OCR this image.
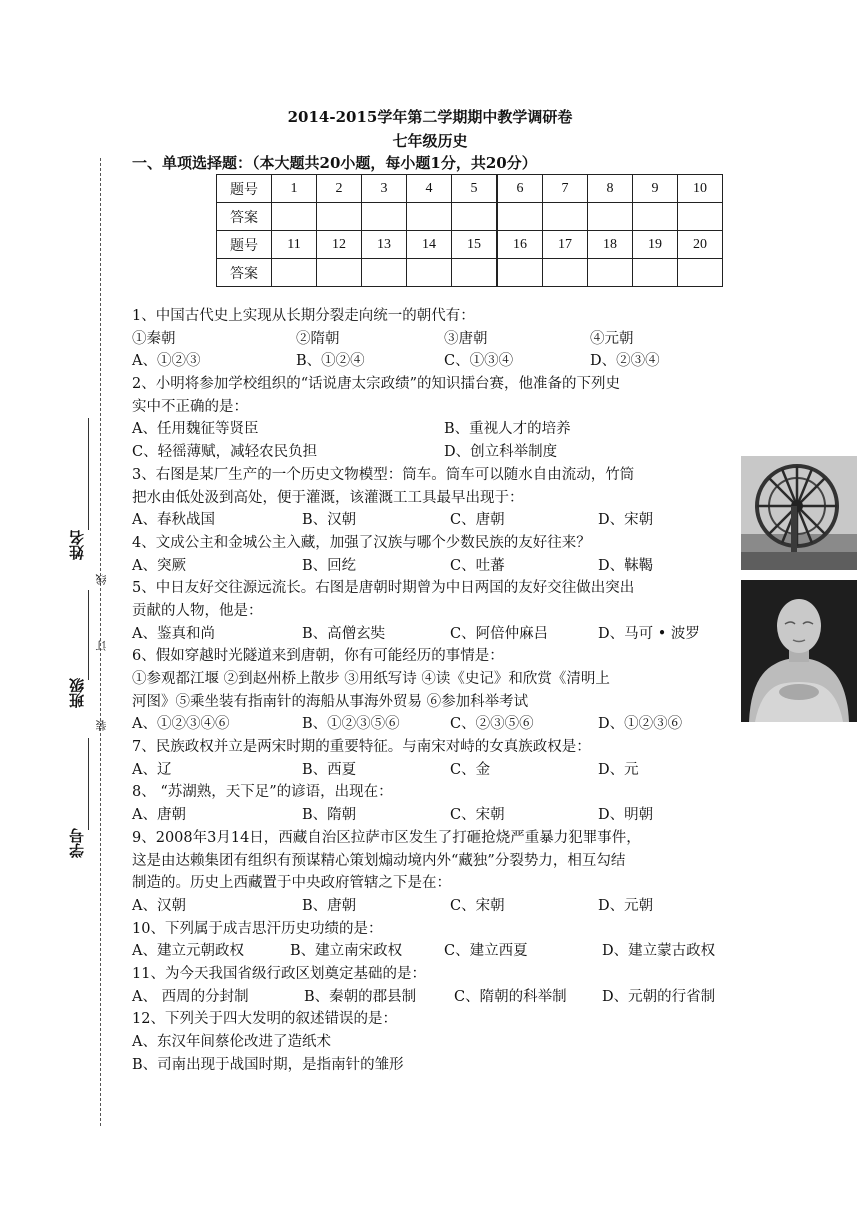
2014-2015学年第二学期期中教学调研卷
七年级历史
一、单项选择题：（本大题共20小题，每小题1分，共20分）
题号	1	2	3	4	5	6	7	8	9	10
答案										
题号	11	12	13	14	15	16	17	18	19	20
答案										
1、中国古代史上实现从长期分裂走向统一的朝代有：
①秦朝	②隋朝	③唐朝	④元朝
A、①②③	B、①②④	C、①③④	D、②③④
2、小明将参加学校组织的“话说唐太宗政绩”的知识擂台赛，他准备的下列史
实中不正确的是：
A、任用魏征等贤臣	B、重视人才的培养
C、轻徭薄赋，减轻农民负担	D、创立科举制度
3、右图是某厂生产的一个历史文物模型：筒车。筒车可以随水自由流动，竹筒
把水由低处汲到高处，便于灌溉，该灌溉工工具最早出现于：
A、春秋战国	B、汉朝	C、唐朝	D、宋朝
4、文成公主和金城公主入藏，加强了汉族与哪个少数民族的友好往来？
A、突厥	B、回纥	C、吐蕃	D、靺鞨
5、中日友好交往源远流长。右图是唐朝时期曾为中日两国的友好交往做出突出
贡献的人物，他是：
A、鉴真和尚	B、高僧玄奘	C、阿倍仲麻吕	D、马可 • 波罗
6、假如穿越时光隧道来到唐朝，你有可能经历的事情是：
①参观都江堰 ②到赵州桥上散步 ③用纸写诗 ④读《史记》和欣赏《清明上
河图》⑤乘坐装有指南针的海船从事海外贸易 ⑥参加科举考试
A、①②③④⑥	B、①②③⑤⑥	C、②③⑤⑥	D、①②③⑥
7、民族政权并立是两宋时期的重要特征。与南宋对峙的女真族政权是：
A、辽	B、西夏	C、金	D、元
8、 “苏湖熟，天下足”的谚语，出现在：
A、唐朝	B、隋朝	C、宋朝	D、明朝
9、2008年3月14日，西藏自治区拉萨市区发生了打砸抢烧严重暴力犯罪事件，
这是由达赖集团有组织有预谋精心策划煽动境内外“藏独”分裂势力，相互勾结
制造的。历史上西藏置于中央政府管辖之下是在：
A、汉朝	B、唐朝	C、宋朝	D、元朝
10、下列属于成吉思汗历史功绩的是：
A、建立元朝政权	B、建立南宋政权	C、建立西夏	D、建立蒙古政权
11、为今天我国省级行政区划奠定基础的是：
A、 西周的分封制	B、秦朝的郡县制	C、隋朝的科举制 D、元朝的行省制
12、下列关于四大发明的叙述错误的是：
A、东汉年间蔡伦改进了造纸术
B、司南出现于战国时期，是指南针的雏形
姓名
线
订
班级
装
学号
